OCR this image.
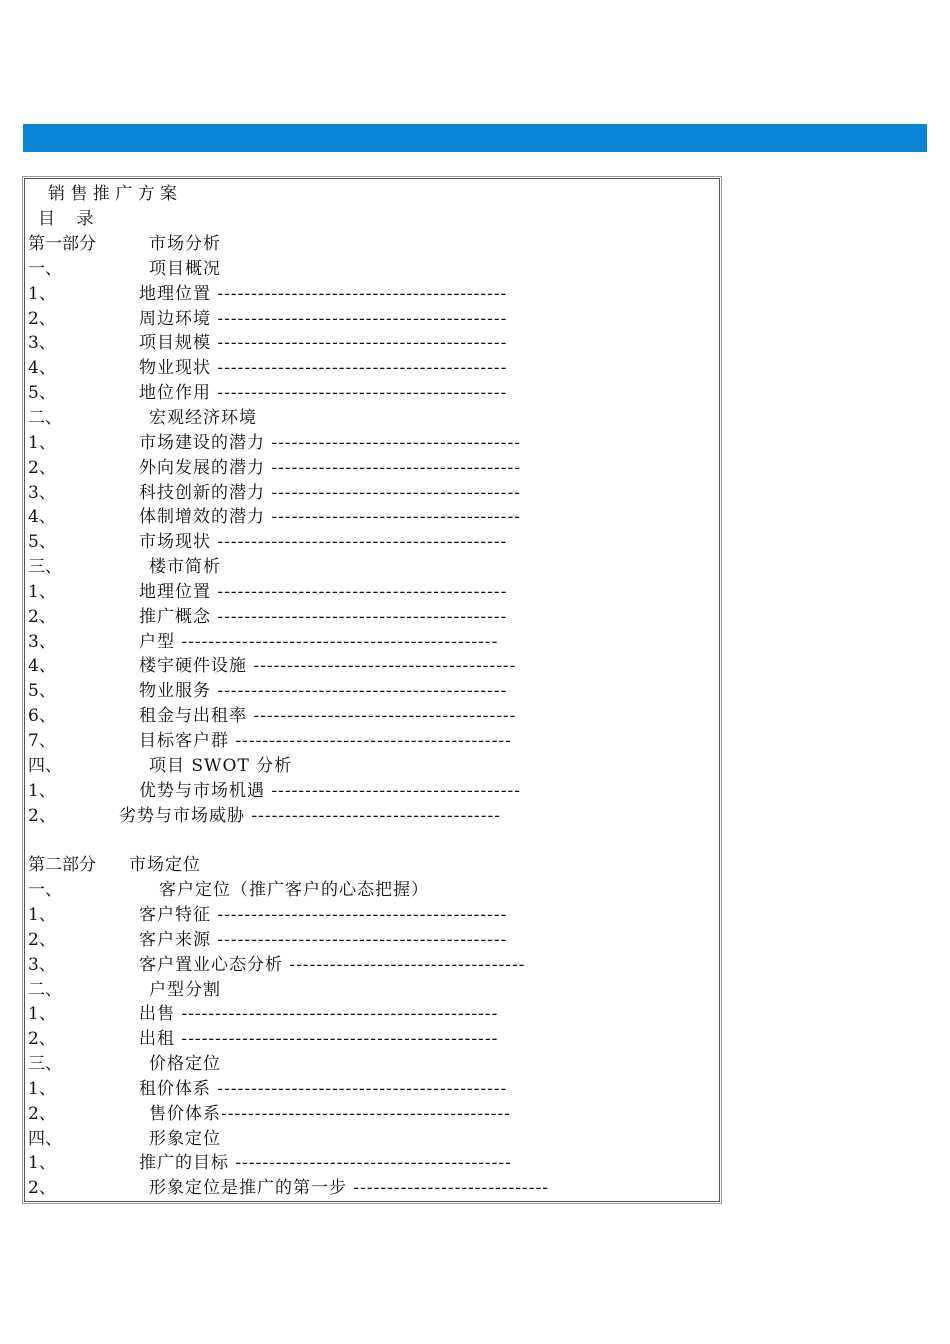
销 售 推 广 方 案
目    录
第一部分	市场分析
一、	项目概况
1、	地理位置 -------------------------------------------
2、	周边环境 -------------------------------------------
3、	项目规模 -------------------------------------------
4、	物业现状 -------------------------------------------
5、	地位作用 -------------------------------------------
二、	宏观经济环境
1、	市场建设的潜力 -------------------------------------
2、	外向发展的潜力 -------------------------------------
3、	科技创新的潜力 -------------------------------------
4、	体制增效的潜力 -------------------------------------
5、	市场现状 -------------------------------------------
三、	楼市简析
1、	地理位置 -------------------------------------------
2、	推广概念 -------------------------------------------
3、	户型 -----------------------------------------------
4、	楼宇硬件设施 ---------------------------------------
5、	物业服务 -------------------------------------------
6、	租金与出租率 ---------------------------------------
7、	目标客户群 -----------------------------------------
四、	项目 SWOT 分析
1、	优势与市场机遇 -------------------------------------
2、	劣势与市场威胁 -------------------------------------
第二部分 市场定位
一、	客户定位（推广客户的心态把握）
1、	客户特征 -------------------------------------------
2、	客户来源 -------------------------------------------
3、	客户置业心态分析 -----------------------------------
二、	户型分割
1、	出售 -----------------------------------------------
2、	出租 -----------------------------------------------
三、	价格定位
1、	租价体系 -------------------------------------------
2、	售价体系-------------------------------------------
四、	形象定位
1、	推广的目标 -----------------------------------------
2、	形象定位是推广的第一步 -----------------------------
